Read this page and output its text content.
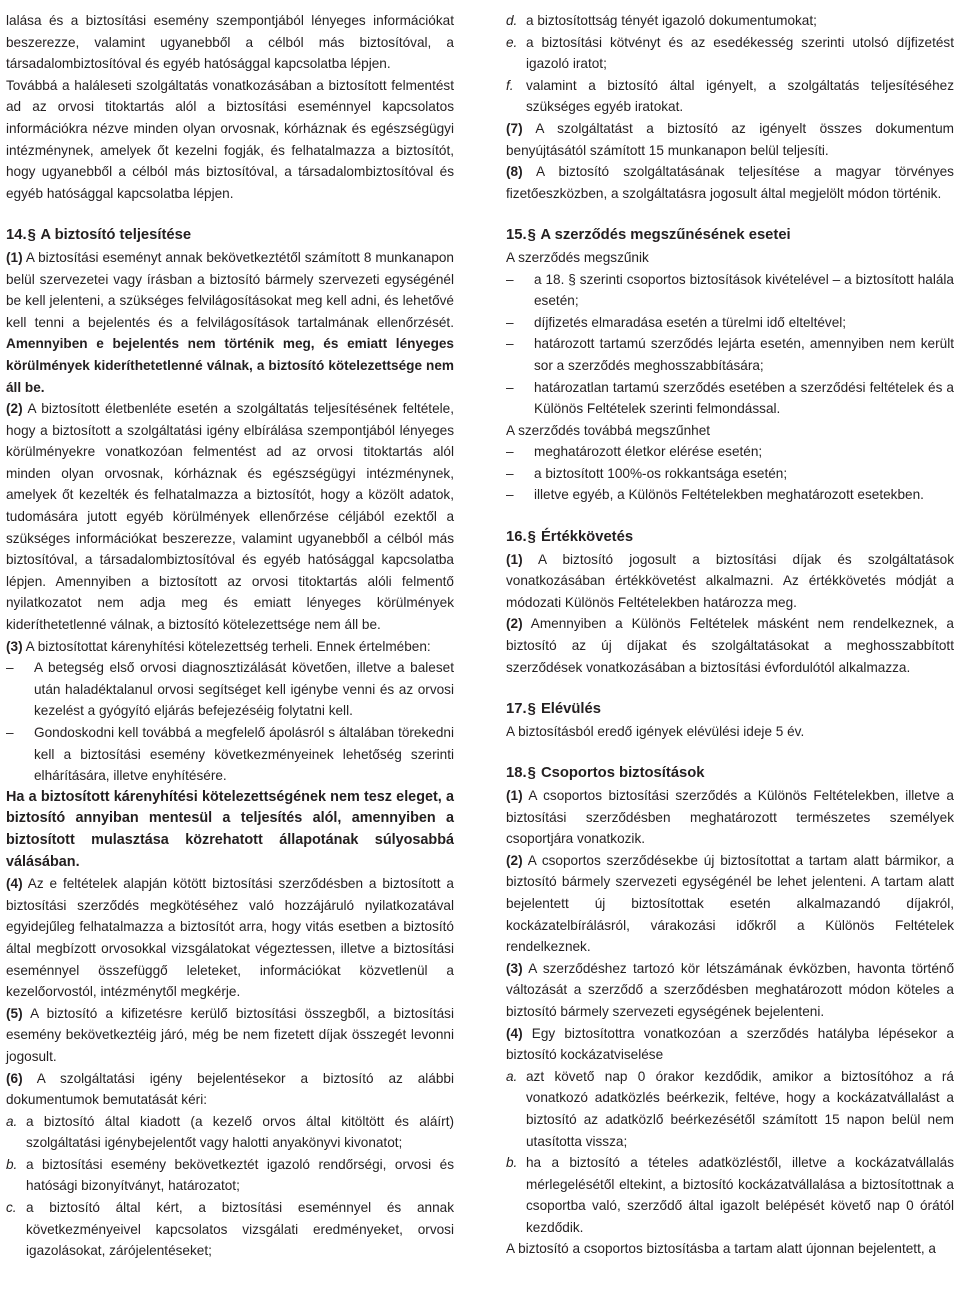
lalása és a biztosítási esemény szempontjából lényeges információkat beszerezze, valamint ugyanebből a célból más biztosítóval, a társadalombiztosítóval és egyéb hatósággal kapcsolatba lépjen.

Továbbá a haláleseti szolgáltatás vonatkozásában a biztosított felmentést ad az orvosi titoktartás alól a biztosítási eseménnyel kapcsolatos információkra nézve minden olyan orvosnak, kórháznak és egészségügyi intézménynek, amelyek őt kezelni fogják, és felhatalmazza a biztosítót, hogy ugyanebből a célból más biztosítóval, a társadalombiztosítóval és egyéb hatósággal kapcsolatba lépjen.

14.§ A biztosító teljesítése

(1) A biztosítási eseményt annak bekövetkeztétől számított 8 munkanapon belül szervezetei vagy írásban a biztosító bármely szervezeti egységénél be kell jelenteni, a szükséges felvilágosításokat meg kell adni, és lehetővé kell tenni a bejelentés és a felvilágosítások tartalmának ellenőrzését. Amennyiben e bejelentés nem történik meg, és emiatt lényeges körülmények kideríthetetlenné válnak, a biztosító kötelezettsége nem áll be.

(2) A biztosított életbenléte esetén a szolgáltatás teljesítésének feltétele, hogy a biztosított a szolgáltatási igény elbírálása szempontjából lényeges körülményekre vonatkozóan felmentést ad az orvosi titoktartás alól minden olyan orvosnak, kórháznak és egészségügyi intézménynek, amelyek őt kezelték és felhatalmazza a biztosítót, hogy a közölt adatok, tudomására jutott egyéb körülmények ellenőrzése céljából ezektől a szükséges információkat beszerezze, valamint ugyanebből a célból más biztosítóval, a társadalombiztosítóval és egyéb hatósággal kapcsolatba lépjen. Amennyiben a biztosított az orvosi titoktartás alóli felmentő nyilatkozatot nem adja meg és emiatt lényeges körülmények kideríthetetlenné válnak, a biztosító kötelezettsége nem áll be.

(3) A biztosítottat kárenyhítési kötelezettség terheli. Ennek értelmében:

–	A betegség első orvosi diagnosztizálását követően, illetve a baleset után haladéktalanul orvosi segítséget kell igénybe venni és az orvosi kezelést a gyógyító eljárás befejezéséig folytatni kell.
–	Gondoskodni kell továbbá a megfelelő ápolásról s általában törekedni kell a biztosítási esemény következményeinek lehetőség szerinti elhárítására, illetve enyhítésére.

Ha a biztosított kárenyhítési kötelezettségének nem tesz eleget, a biztosító annyiban mentesül a teljesítés alól, amennyiben a biztosított mulasztása közrehatott állapotának súlyosabbá válásában.

(4) Az e feltételek alapján kötött biztosítási szerződésben a biztosított a biztosítási szerződés megkötéséhez való hozzájáruló nyilatkozatával egyidejűleg felhatalmazza a biztosítót arra, hogy vitás esetben a biztosító által megbízott orvosokkal vizsgálatokat végeztessen, illetve a biztosítási eseménnyel összefüggő leleteket, információkat közvetlenül a kezelőorvostól, intézménytől megkérje.

(5) A biztosító a kifizetésre kerülő biztosítási összegből, a biztosítási esemény bekövetkeztéig járó, még be nem fizetett díjak összegét levonni jogosult.

(6) A szolgáltatási igény bejelentésekor a biztosító az alábbi dokumentumok bemutatását kéri:

a. a biztosító által kiadott (a kezelő orvos által kitöltött és aláírt) szolgáltatási igénybejelentőt vagy halotti anyakönyvi kivonatot;
b. a biztosítási esemény bekövetkeztét igazoló rendőrségi, orvosi és hatósági bizonyítványt, határozatot;
c. a biztosító által kért, a biztosítási eseménnyel és annak következményeivel kapcsolatos vizsgálati eredményeket, orvosi igazolásokat, zárójelentéseket;
d. a biztosítottság tényét igazoló dokumentumokat;
e. a biztosítási kötvényt és az esedékesség szerinti utolsó díjfizetést igazoló iratot;
f. valamint a biztosító által igényelt, a szolgáltatás teljesítéséhez szükséges egyéb iratokat.

(7) A szolgáltatást a biztosító az igényelt összes dokumentum benyújtásától számított 15 munkanapon belül teljesíti.

(8) A biztosító szolgáltatásának teljesítése a magyar törvényes fizetőeszközben, a szolgáltatásra jogosult által megjelölt módon történik.

15.§ A szerződés megszűnésének esetei

A szerződés megszűnik

–	a 18. § szerinti csoportos biztosítások kivételével – a biztosított halála esetén;
–	díjfizetés elmaradása esetén a türelmi idő elteltével;
–	határozott tartamú szerződés lejárta esetén, amennyiben nem került sor a szerződés meghosszabbítására;
–	határozatlan tartamú szerződés esetében a szerződési feltételek és a Különös Feltételek szerinti felmondással.

A szerződés továbbá megszűnhet

–	meghatározott életkor elérése esetén;
–	a biztosított 100%-os rokkantsága esetén;
–	illetve egyéb, a Különös Feltételekben meghatározott esetekben.
16.§ Értékkövetés

(1) A biztosító jogosult a biztosítási díjak és szolgáltatások vonatkozásában értékkövetést alkalmazni. Az értékkövetés módját a módozati Különös Feltételekben határozza meg.

(2) Amennyiben a Különös Feltételek másként nem rendelkeznek, a biztosító az új díjakat és szolgáltatásokat a meghosszabbított szerződések vonatkozásában a biztosítási évfordulótól alkalmazza.

17.§ Elévülés

A biztosításból eredő igények elévülési ideje 5 év.

18.§ Csoportos biztosítások

(1) A csoportos biztosítási szerződés a Különös Feltételekben, illetve a biztosítási szerződésben meghatározott természetes személyek csoportjára vonatkozik.

(2) A csoportos szerződésekbe új biztosítottat a tartam alatt bármikor, a biztosító bármely szervezeti egységénél be lehet jelenteni. A tartam alatt bejelentett új biztosítottak esetén alkalmazandó díjakról, kockázatelbírálásról, várakozási időkről a Különös Feltételek rendelkeznek.

(3) A szerződéshez tartozó kör létszámának évközben, havonta történő változását a szerződő a szerződésben meghatározott módon köteles a biztosító bármely szervezeti egységének bejelenteni.

(4) Egy biztosítottra vonatkozóan a szerződés hatályba lépésekor a biztosító kockázatviselése

a. azt követő nap 0 órakor kezdődik, amikor a biztosítóhoz a rá vonatkozó adatközlés beérkezik, feltéve, hogy a kockázatvállalást a biztosító az adatközlő beérkezésétől számított 15 napon belül nem utasította vissza;
b. ha a biztosító a tételes adatközléstől, illetve a kockázatvállalás mérlegelésétől eltekint, a biztosító kockázatvállalása a biztosítottnak a csoportba való, szerződő által igazolt belépését követő nap 0 órától kezdődik.

A biztosító a csoportos biztosításba a tartam alatt újonnan bejelentett, a
